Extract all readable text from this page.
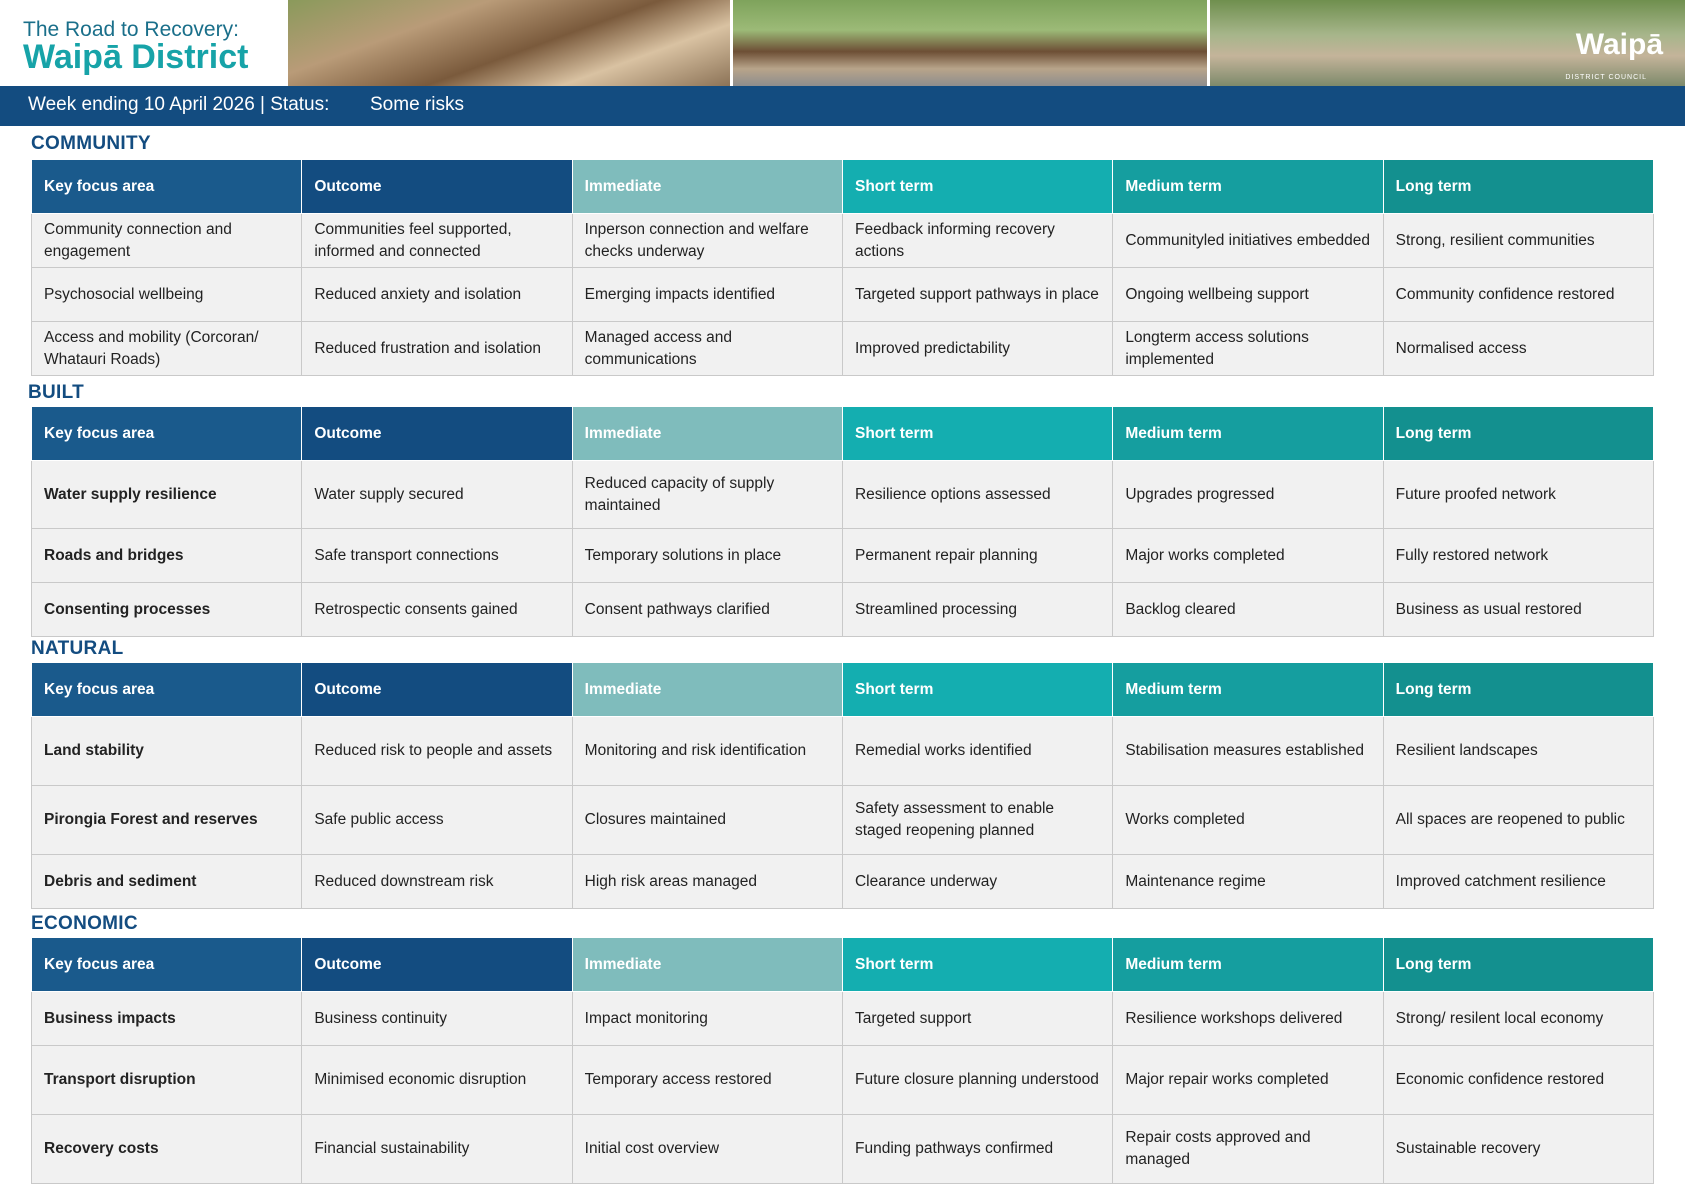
The Road to Recovery:
Waipā District	Waipā
DISTRICT COUNCIL
Week ending 10 April 2026 | Status: Some risks
COMMUNITY
Key focus area	Outcome	Immediate	Short term	Medium term	Long term
Community connection and engagement	Communities feel supported, informed and connected	Inperson connection and welfare checks underway	Feedback informing recovery actions	Communityled initiatives embedded	Strong, resilient communities
Psychosocial wellbeing	Reduced anxiety and isolation	Emerging impacts identified	Targeted support pathways in place	Ongoing wellbeing support	Community confidence restored
Access and mobility (Corcoran/ Whatauri Roads)	Reduced frustration and isolation	Managed access and communications	Improved predictability	Longterm access solutions implemented	Normalised access
BUILT
Key focus area	Outcome	Immediate	Short term	Medium term	Long term
Water supply resilience	Water supply secured	Reduced capacity of supply maintained	Resilience options assessed	Upgrades progressed	Future proofed network
Roads and bridges	Safe transport connections	Temporary solutions in place	Permanent repair planning	Major works completed	Fully restored network
Consenting processes	Retrospectic consents gained	Consent pathways clarified	Streamlined processing	Backlog cleared	Business as usual restored
NATURAL
Key focus area	Outcome	Immediate	Short term	Medium term	Long term
Land stability	Reduced risk to people and assets	Monitoring and risk identification	Remedial works identified	Stabilisation measures established	Resilient landscapes
Pirongia Forest and reserves	Safe public access	Closures maintained	Safety assessment to enable staged reopening planned	Works completed	All spaces are reopened to public
Debris and sediment	Reduced downstream risk	High risk areas managed	Clearance underway	Maintenance regime	Improved catchment resilience
ECONOMIC
Key focus area	Outcome	Immediate	Short term	Medium term	Long term
Business impacts	Business continuity	Impact monitoring	Targeted support	Resilience workshops delivered	Strong/ resilent local economy
Transport disruption	Minimised economic disruption	Temporary access restored	Future closure planning understood	Major repair works completed	Economic confidence restored
Recovery costs	Financial sustainability	Initial cost overview	Funding pathways confirmed	Repair costs approved and managed	Sustainable recovery
